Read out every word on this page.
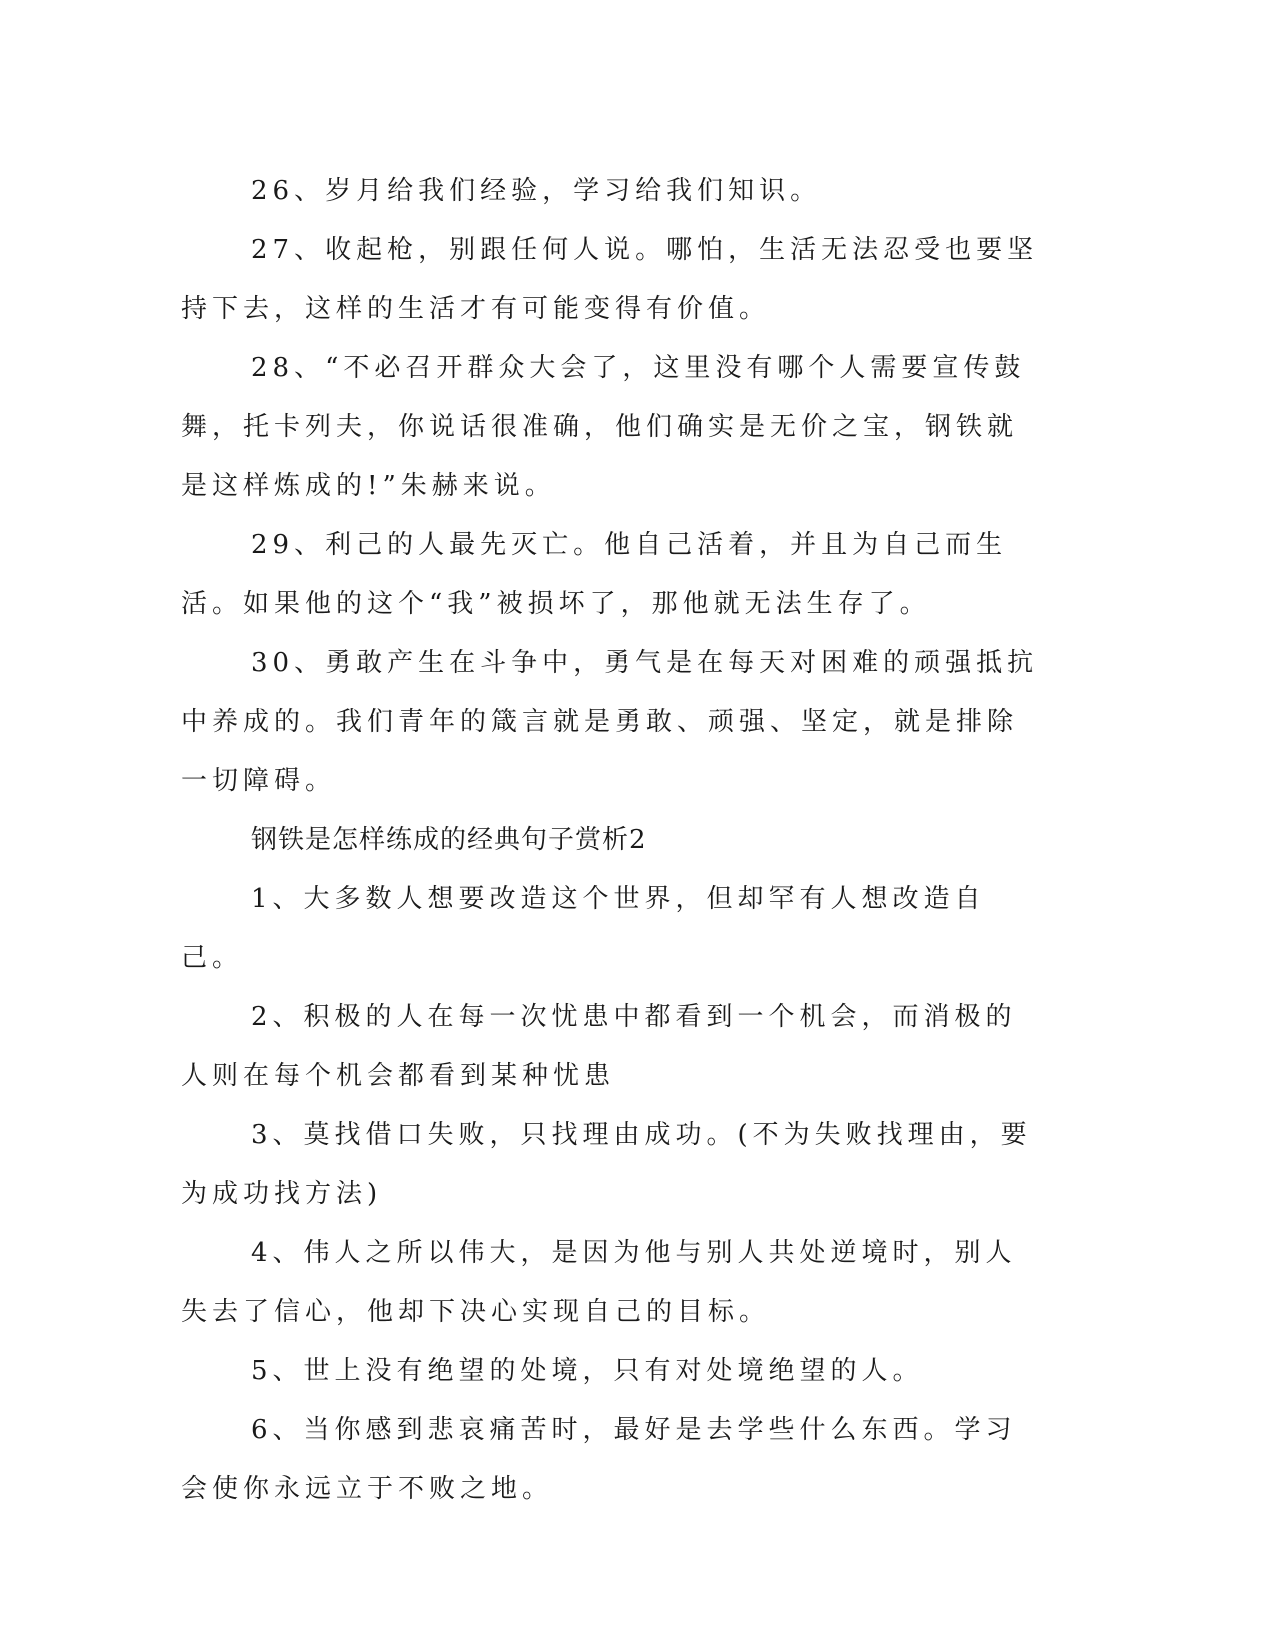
26、岁月给我们经验，学习给我们知识。

27、收起枪，别跟任何人说。哪怕，生活无法忍受也要坚持下去，这样的生活才有可能变得有价值。

28、“不必召开群众大会了，这里没有哪个人需要宣传鼓舞，托卡列夫，你说话很准确，他们确实是无价之宝，钢铁就是这样炼成的!”朱赫来说。

29、利己的人最先灭亡。他自己活着，并且为自己而生活。如果他的这个“我”被损坏了，那他就无法生存了。

30、勇敢产生在斗争中，勇气是在每天对困难的顽强抵抗中养成的。我们青年的箴言就是勇敢、顽强、坚定，就是排除一切障碍。

钢铁是怎样练成的经典句子赏析2

1、大多数人想要改造这个世界，但却罕有人想改造自己。

2、积极的人在每一次忧患中都看到一个机会，而消极的人则在每个机会都看到某种忧患

3、莫找借口失败，只找理由成功。(不为失败找理由，要为成功找方法)

4、伟人之所以伟大，是因为他与别人共处逆境时，别人失去了信心，他却下决心实现自己的目标。

5、世上没有绝望的处境，只有对处境绝望的人。

6、当你感到悲哀痛苦时，最好是去学些什么东西。学习会使你永远立于不败之地。
